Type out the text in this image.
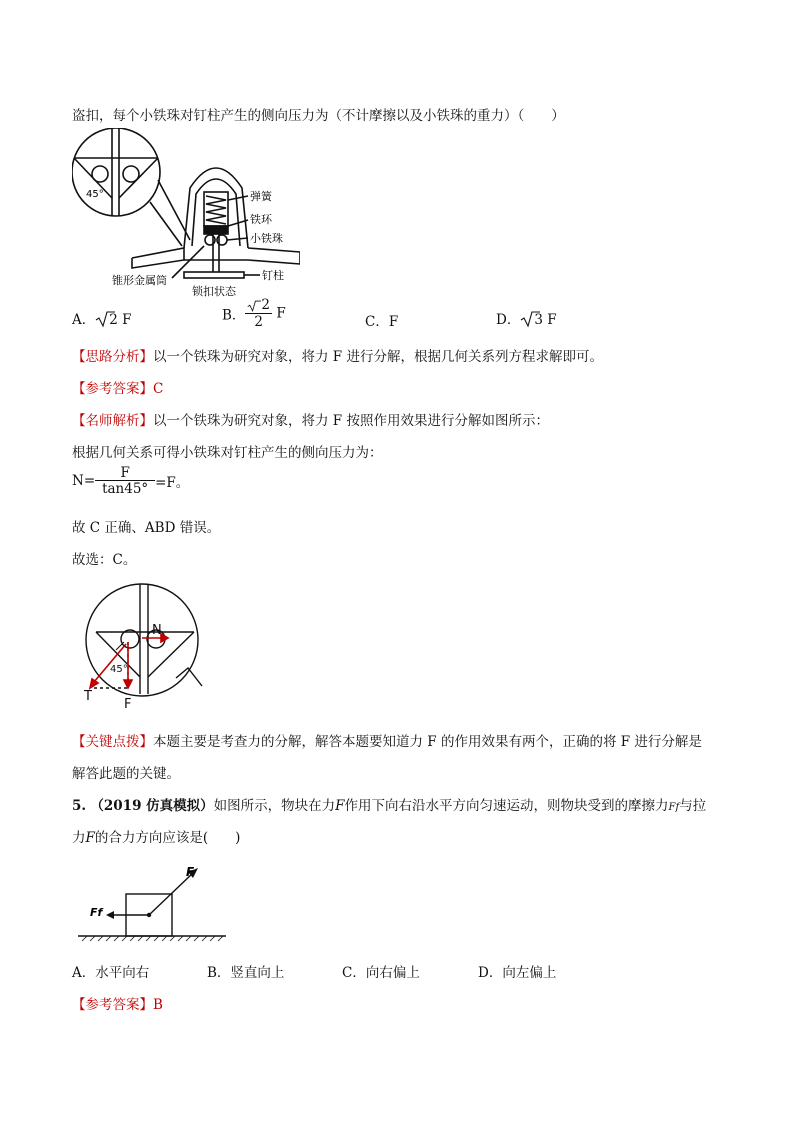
盗扣，每个小铁珠对钉柱产生的侧向压力为（不计摩擦以及小铁珠的重力）（　　）
45°	弹簧
铁环
小铁珠
锥形金属筒	钉柱
锁扣状态
A． 2 F	B． $\frac{2}{2}$ F
C．F	D． 3 F
【思路分析】以一个铁珠为研究对象，将力 F 进行分解，根据几何关系列方程求解即可。
【参考答案】C
【名师解析】以一个铁珠为研究对象，将力 F 按照作用效果进行分解如图所示：
根据几何关系可得小铁珠对钉柱产生的侧向压力为：
$N= \frac{F}{\tan 45^\circ} =F$。
故 C 正确、ABD 错误。
故选：C。
N
T
F
45°
【关键点拨】本题主要是考查力的分解，解答本题要知道力 F 的作用效果有两个，正确的将 F 进行分解是
解答此题的关键。
5. （2019 仿真模拟）如图所示，物块在力F作用下向右沿水平方向匀速运动，则物块受到的摩擦力Ff与拉
力F的合力方向应该是(　　)
F
Ff
A．水平向右	B．竖直向上	C．向右偏上	D．向左偏上
【参考答案】B
